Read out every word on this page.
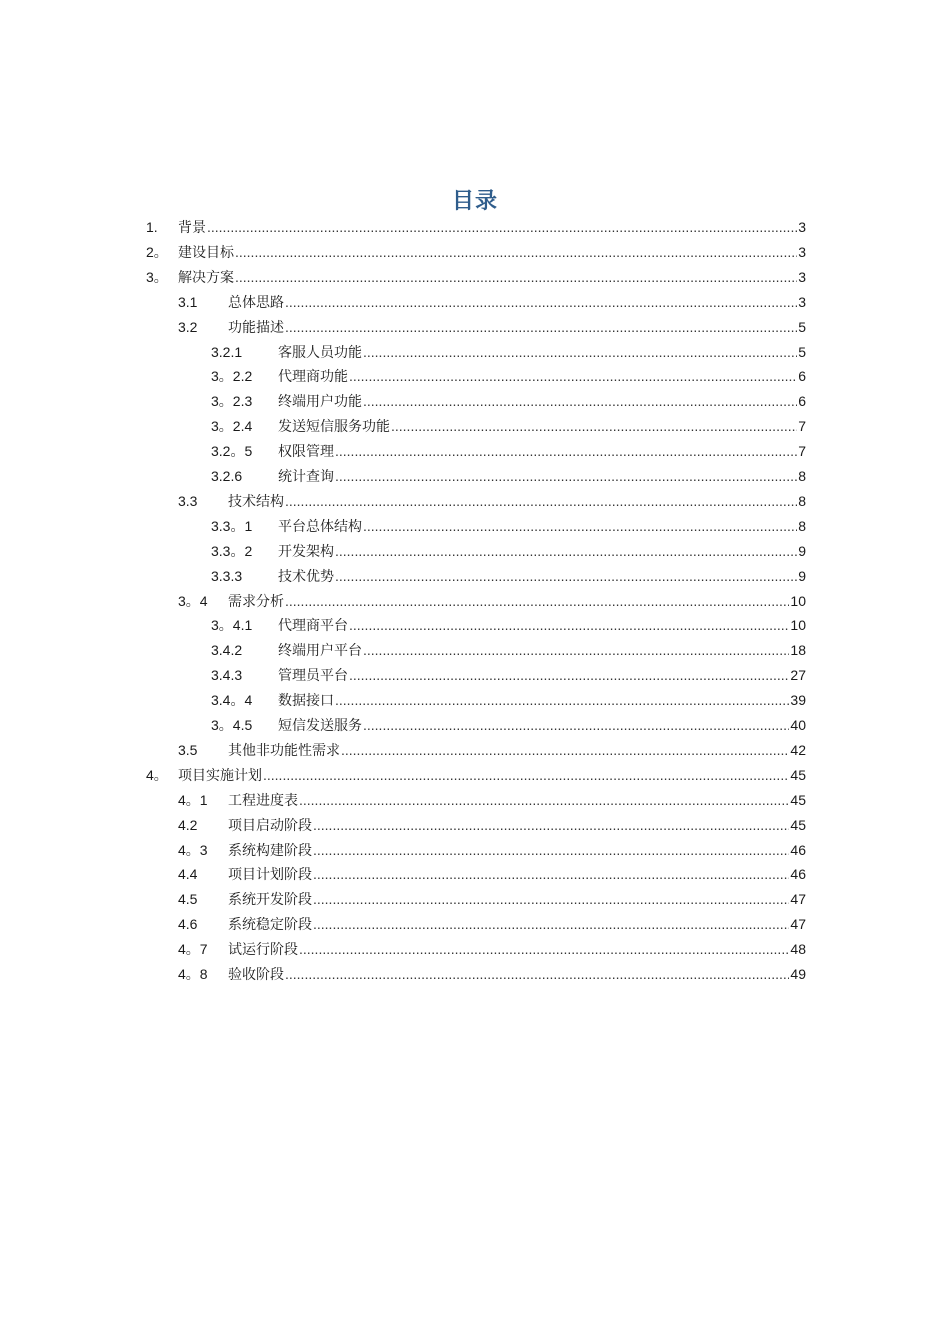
目录
1.	背景 .....	3
2。 建设目标 .....	3
3。 解决方案 .....	3
3.1	总体思路 .....	3
3.2	功能描述 .....	5
3.2.1	客服人员功能 .....	5
3。2.2	代理商功能 .....	6
3。2.3	终端用户功能 .....	6
3。2.4	发送短信服务功能 .....	7
3.2。5	权限管理 .....	7
3.2.6	统计查询 .....	8
3.3	技术结构 .....	8
3.3。1	平台总体结构 .....	8
3.3。2	开发架构 .....	9
3.3.3	技术优势 .....	9
3。4	需求分析 .....	10
3。4.1	代理商平台 .....	10
3.4.2	终端用户平台 .....	18
3.4.3	管理员平台 .....	27
3.4。4	数据接口 .....	39
3。4.5	短信发送服务 .....	40
3.5	其他非功能性需求 .....	42
4。 项目实施计划 .....	45
4。1	工程进度表 .....	45
4.2	项目启动阶段 .....	45
4。3	系统构建阶段 .....	46
4.4	项目计划阶段 .....	46
4.5	系统开发阶段 .....	47
4.6	系统稳定阶段 .....	47
4。7	试运行阶段 .....	48
4。8	验收阶段 .....	49
